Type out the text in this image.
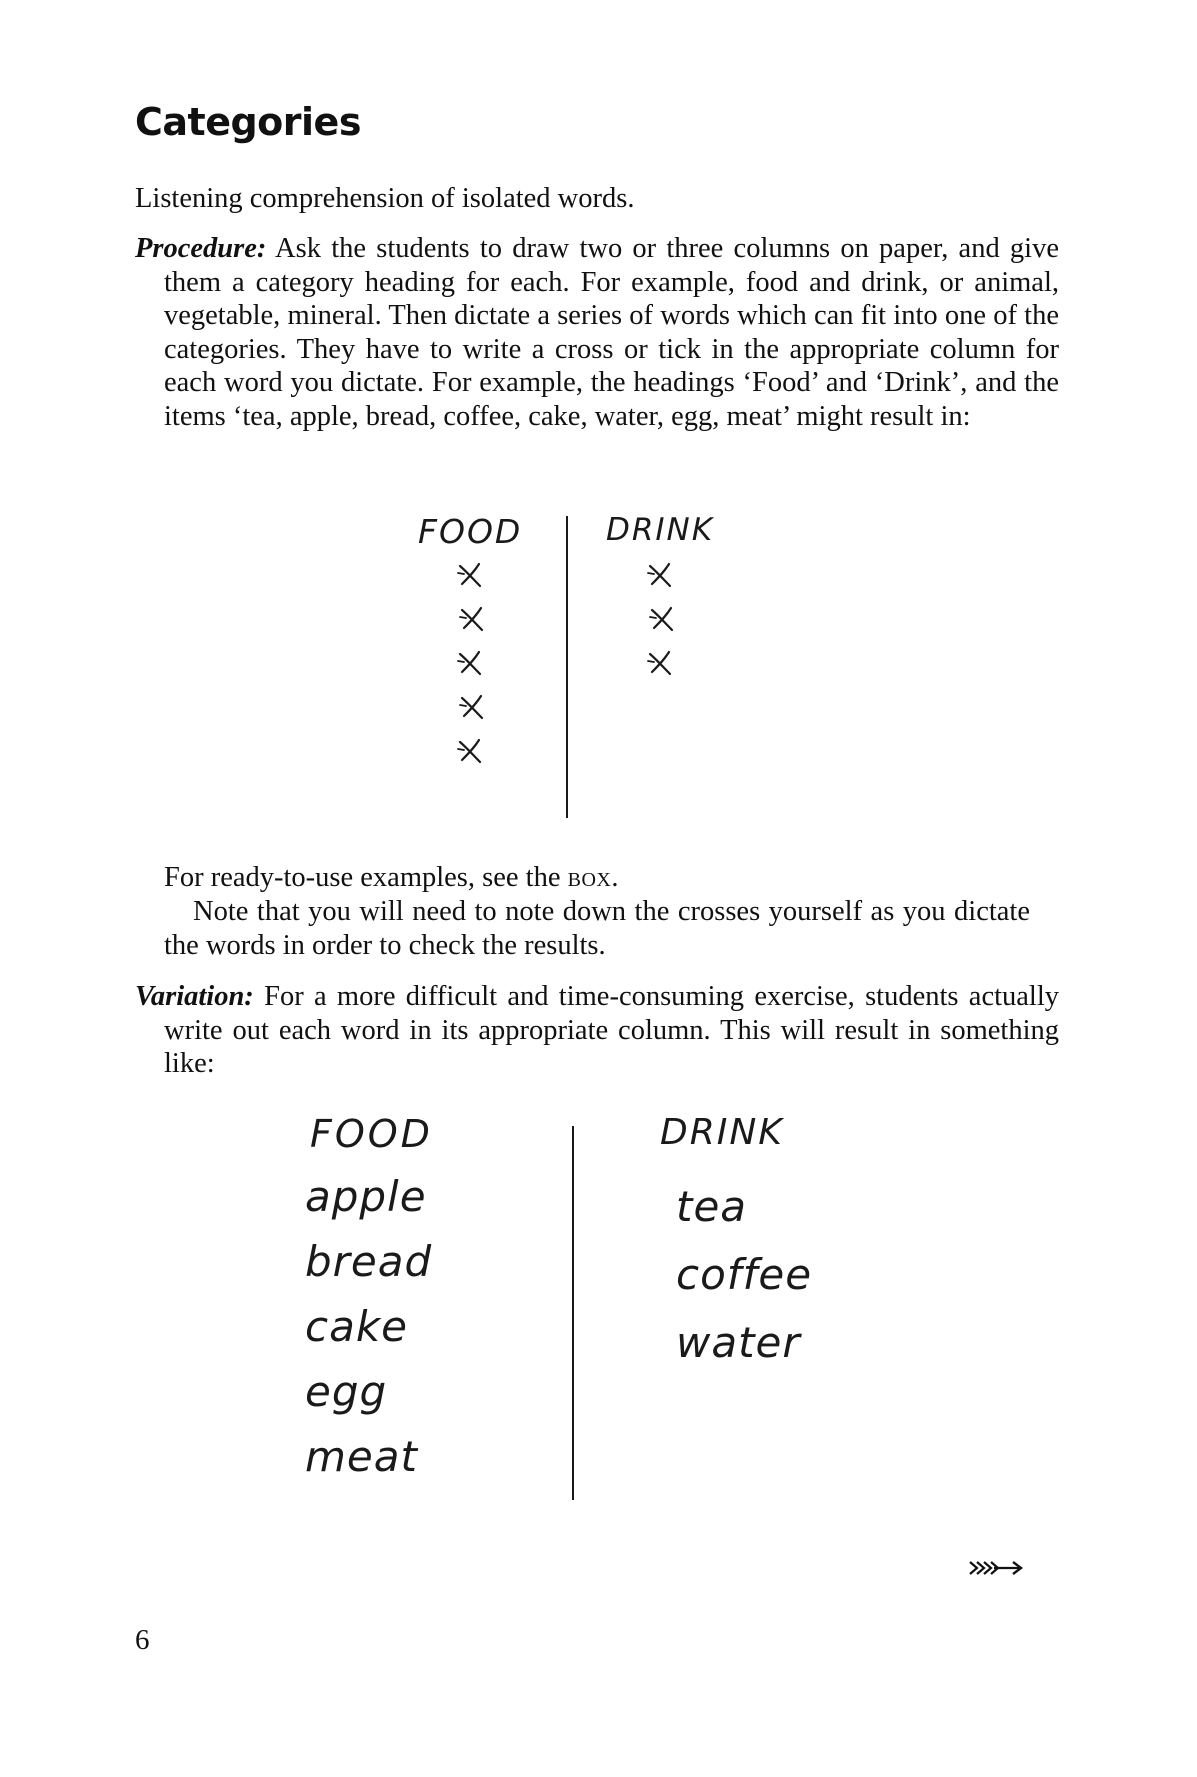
Categories

Listening comprehension of isolated words.

Procedure: Ask the students to draw two or three columns on paper, and give them a category heading for each. For example, food and drink, or animal, vegetable, mineral. Then dictate a series of words which can fit into one of the categories. They have to write a cross or tick in the appropriate column for each word you dictate. For example, the headings ‘Food’ and ‘Drink’, and the items ‘tea, apple, bread, coffee, cake, water, egg, meat’ might result in:

FOOD	DRINK

For ready-to-use examples, see the box.

Note that you will need to note down the crosses yourself as you dictate the words in order to check the results.

Variation: For a more difficult and time-consuming exercise, students actually write out each word in its appropriate column. This will result in something like:

FOOD	DRINK
apple
bread
cake
egg
meat
tea
coffee
water

6
